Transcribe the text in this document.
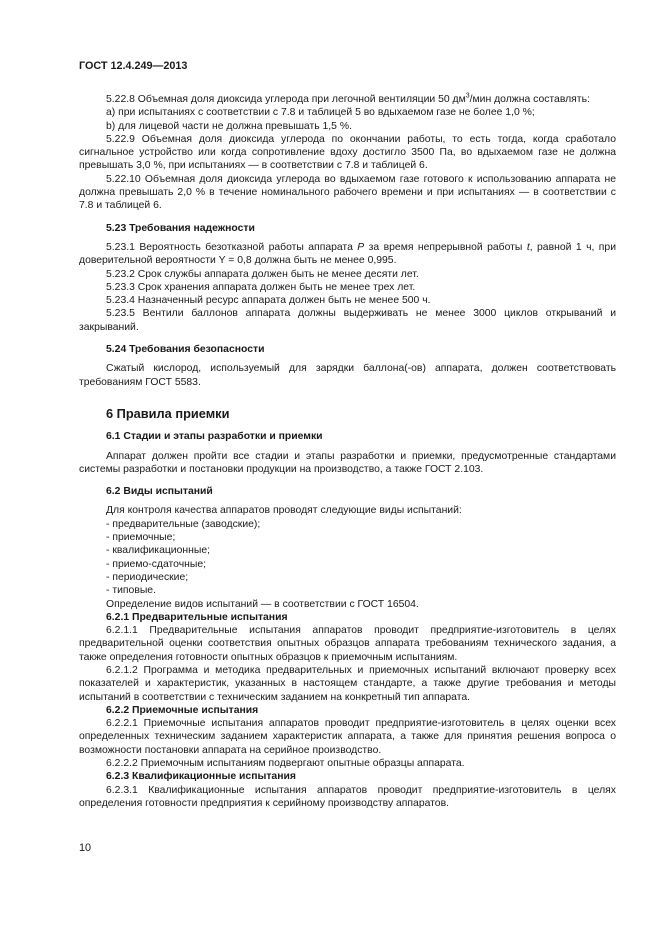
ГОСТ 12.4.249—2013

5.22.8 Объемная доля диоксида углерода при легочной вентиляции 50 $дм^3$/мин должна составлять:

а) при испытаниях с соответствии с 7.8 и таблицей 5 во вдыхаемом газе не более 1,0 %;

b) для лицевой части не должна превышать 1,5 %.

5.22.9 Объемная доля диоксида углерода по окончании работы, то есть тогда, когда сработало сигнальное устройство или когда сопротивление вдоху достигло 3500 Па, во вдыхаемом газе не должна превышать 3,0 %, при испытаниях — в соответствии с 7.8 и таблицей 6.

5.22.10 Объемная доля диоксида углерода во вдыхаемом газе готового к использованию аппарата не должна превышать 2,0 % в течение номинального рабочего времени и при испытаниях — в соответствии с 7.8 и таблицей 6.

5.23 Требования надежности

5.23.1 Вероятность безотказной работы аппарата P за время непрерывной работы t, равной 1 ч, при доверительной вероятности Y = 0,8 должна быть не менее 0,995.

5.23.2 Срок службы аппарата должен быть не менее десяти лет.

5.23.3 Срок хранения аппарата должен быть не менее трех лет.

5.23.4 Назначенный ресурс аппарата должен быть не менее 500 ч.

5.23.5 Вентили баллонов аппарата должны выдерживать не менее 3000 циклов открываний и закрываний.

5.24 Требования безопасности

Сжатый кислород, используемый для зарядки баллона(-ов) аппарата, должен соответствовать требованиям ГОСТ 5583.

6 Правила приемки

6.1 Стадии и этапы разработки и приемки

Аппарат должен пройти все стадии и этапы разработки и приемки, предусмотренные стандартами системы разработки и постановки продукции на производство, а также ГОСТ 2.103.

6.2 Виды испытаний

Для контроля качества аппаратов проводят следующие виды испытаний:

- предварительные (заводские);
- приемочные;
- квалификационные;
- приемо-сдаточные;
- периодические;
- типовые.

Определение видов испытаний — в соответствии с ГОСТ 16504.

6.2.1 Предварительные испытания

6.2.1.1 Предварительные испытания аппаратов проводит предприятие-изготовитель в целях предварительной оценки соответствия опытных образцов аппарата требованиям технического задания, а также определения готовности опытных образцов к приемочным испытаниям.

6.2.1.2 Программа и методика предварительных и приемочных испытаний включают проверку всех показателей и характеристик, указанных в настоящем стандарте, а также другие требования и методы испытаний в соответствии с техническим заданием на конкретный тип аппарата.

6.2.2 Приемочные испытания

6.2.2.1 Приемочные испытания аппаратов проводит предприятие-изготовитель в целях оценки всех определенных техническим заданием характеристик аппарата, а также для принятия решения вопроса о возможности постановки аппарата на серийное производство.

6.2.2.2 Приемочным испытаниям подвергают опытные образцы аппарата.

6.2.3 Квалификационные испытания

6.2.3.1 Квалификационные испытания аппаратов проводит предприятие-изготовитель в целях определения готовности предприятия к серийному производству аппаратов.

10
